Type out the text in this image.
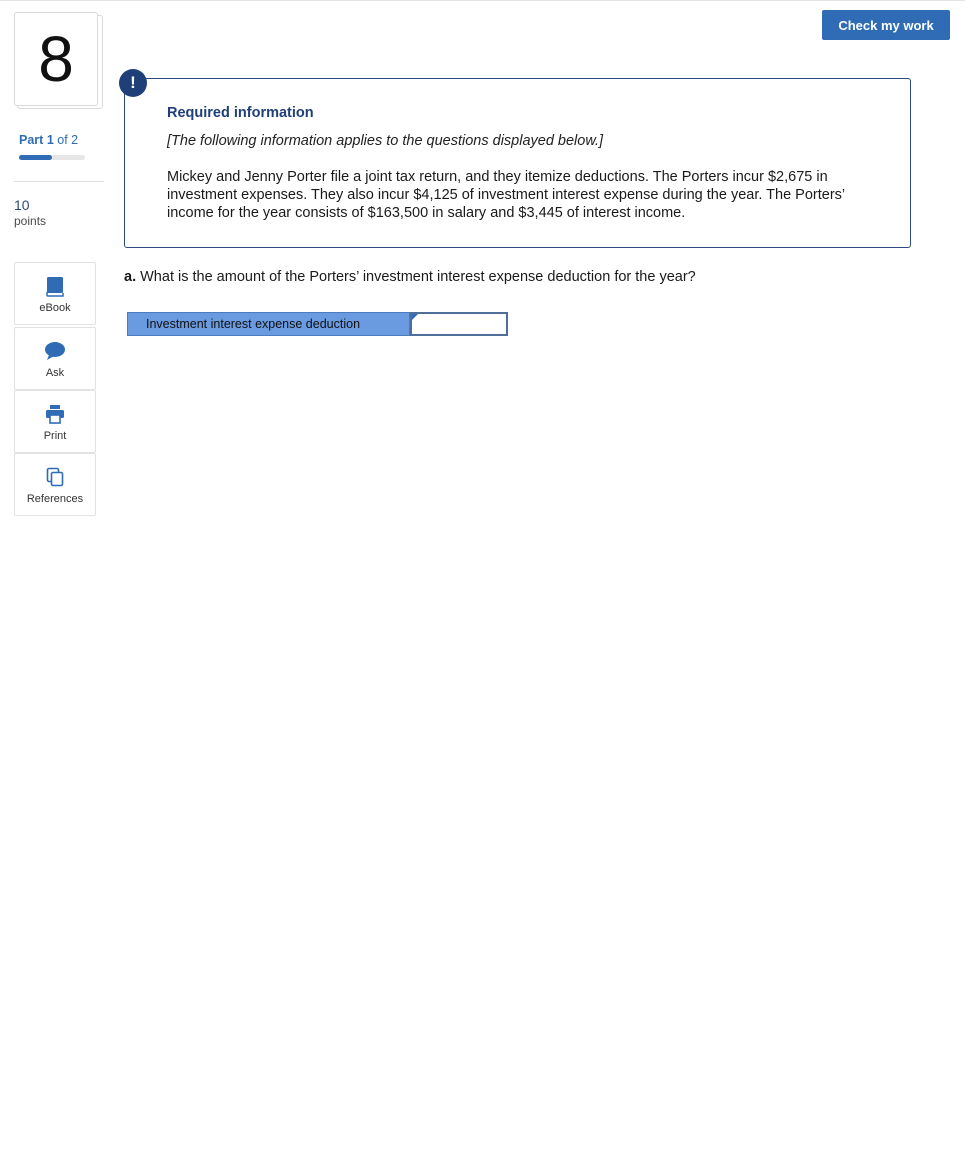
8
Part 1 of 2
10
points
eBook
Ask
Print
References
Check my work
Required information
[The following information applies to the questions displayed below.]
Mickey and Jenny Porter file a joint tax return, and they itemize deductions. The Porters incur $2,675 in investment expenses. They also incur $4,125 of investment interest expense during the year. The Porters’ income for the year consists of $163,500 in salary and $3,445 of interest income.
!
a. What is the amount of the Porters’ investment interest expense deduction for the year?
Investment interest expense deduction
